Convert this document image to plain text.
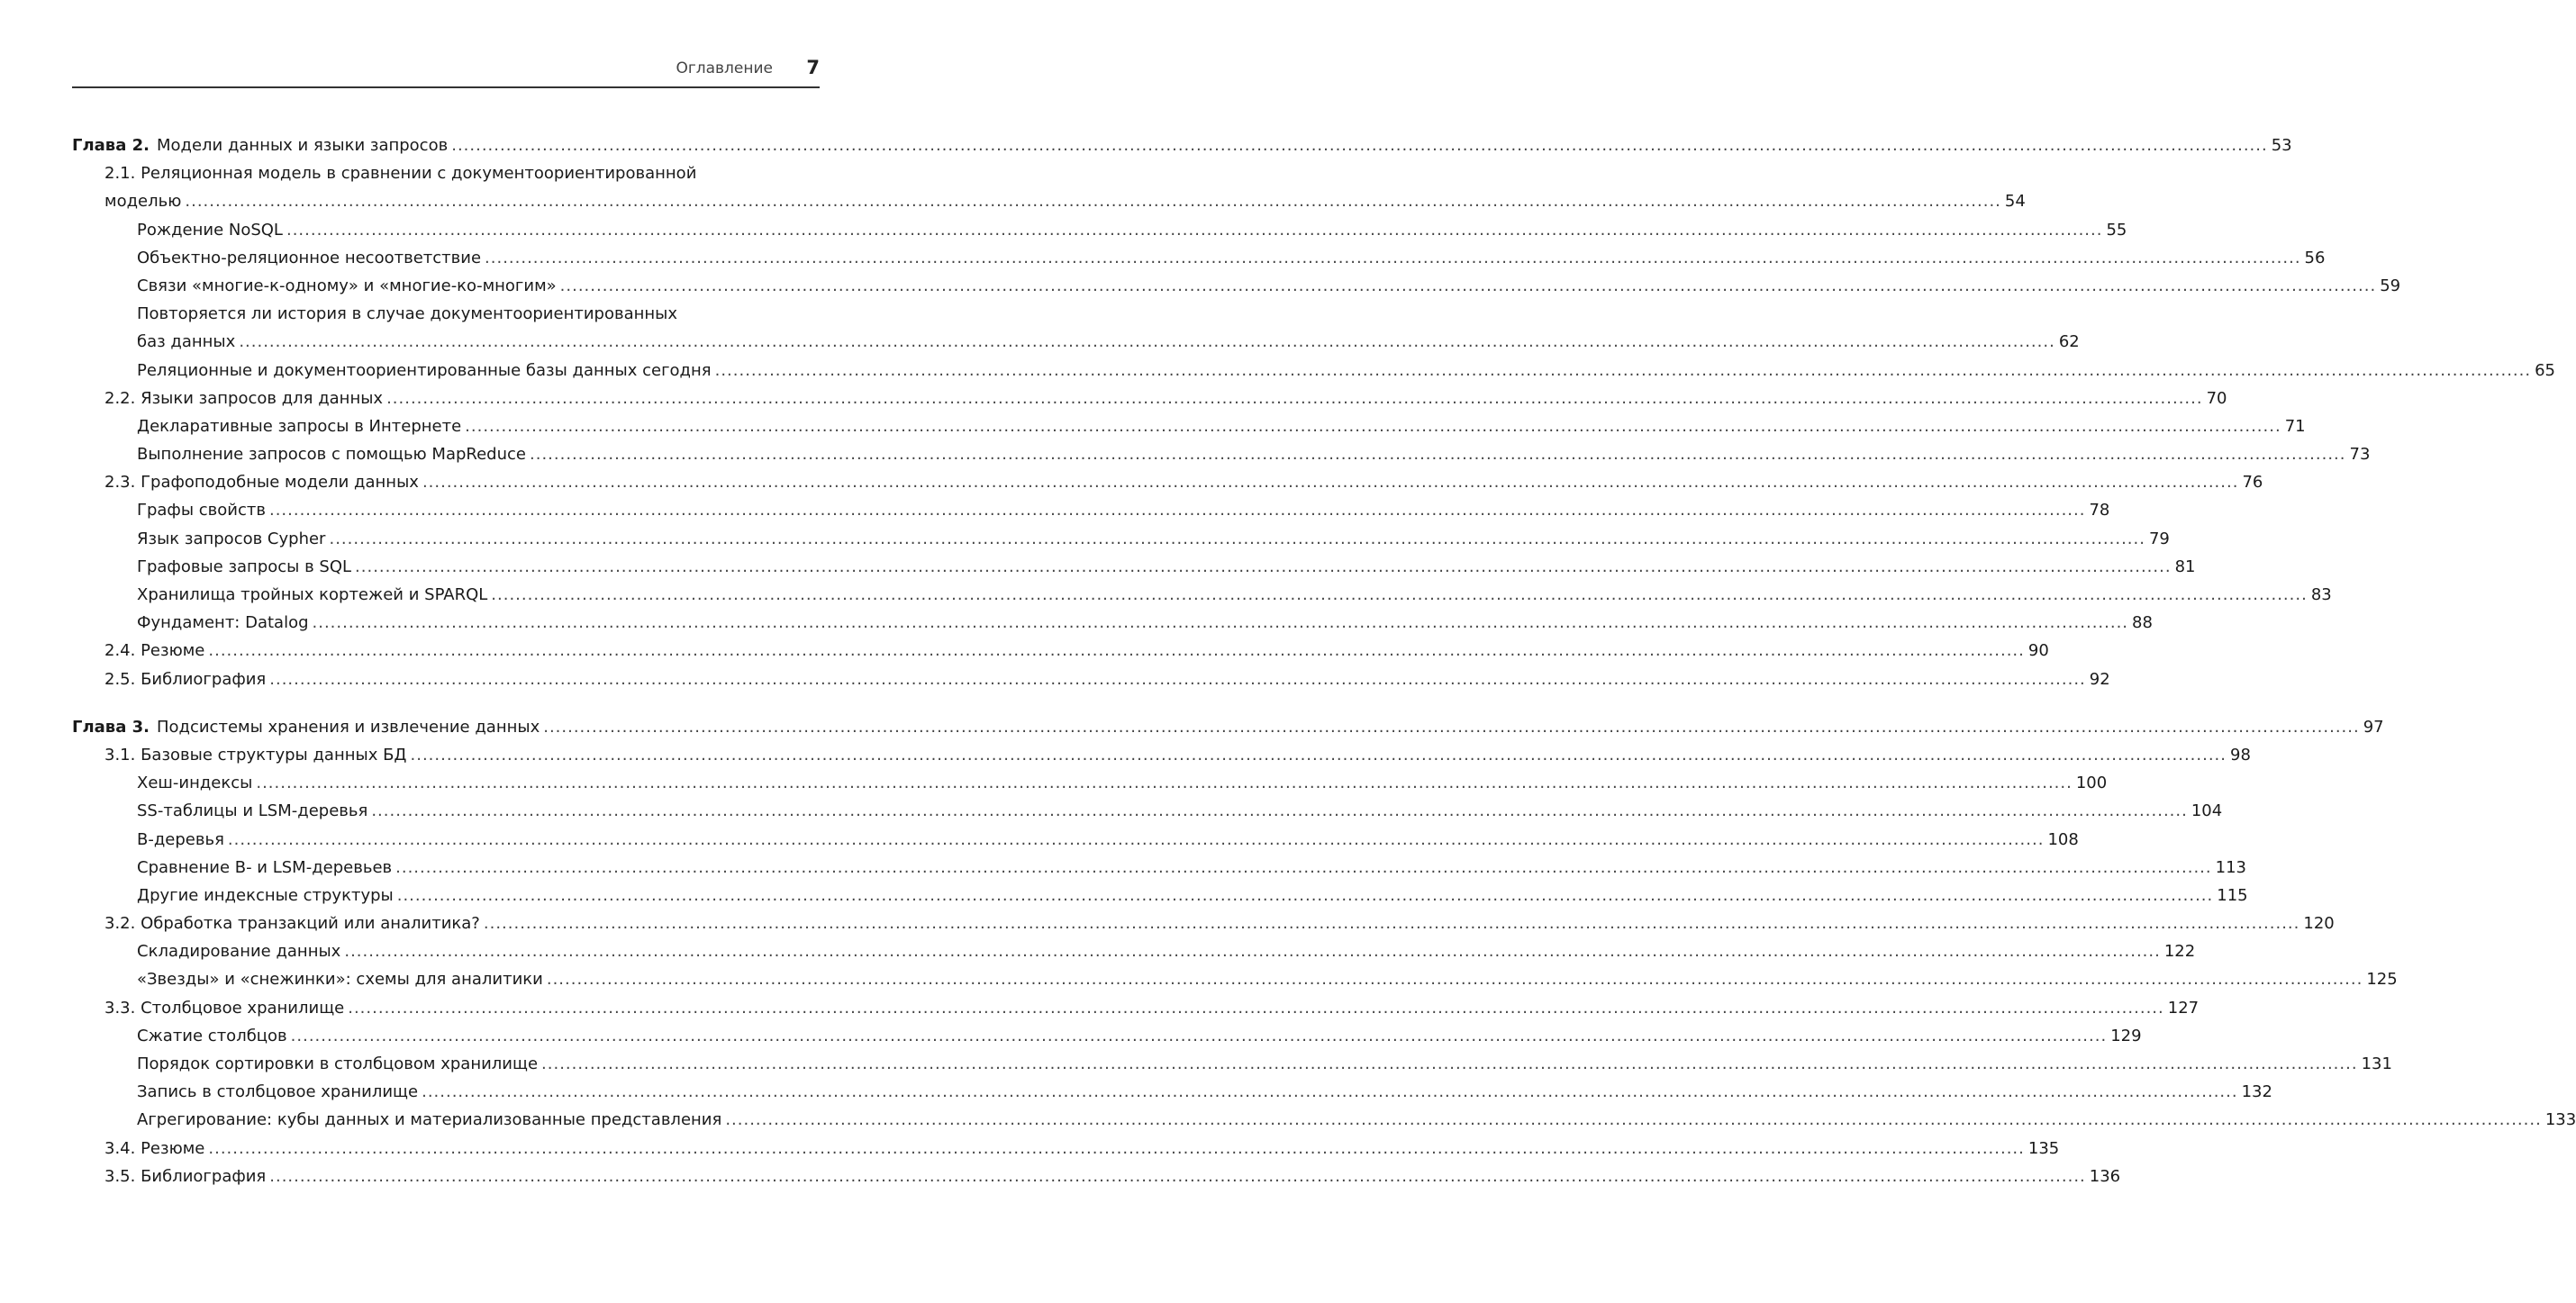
Оглавление 7
Глава 2. Модели данных и языки запросов ............................................................................................................................................................................................................................................................................................................ 53
2.1. Реляционная модель в сравнении с документоориентированной
моделью ............................................................................................................................................................................................................................................................................................................ 54
Рождение NoSQL ............................................................................................................................................................................................................................................................................................................ 55
Объектно-реляционное несоответствие ............................................................................................................................................................................................................................................................................................................ 56
Связи «многие-к-одному» и «многие-ко-многим» ............................................................................................................................................................................................................................................................................................................ 59
Повторяется ли история в случае документоориентированных
баз данных ............................................................................................................................................................................................................................................................................................................ 62
Реляционные и документоориентированные базы данных сегодня ............................................................................................................................................................................................................................................................................................................ 65
2.2. Языки запросов для данных ............................................................................................................................................................................................................................................................................................................ 70
Декларативные запросы в Интернете ............................................................................................................................................................................................................................................................................................................ 71
Выполнение запросов с помощью MapReduce ............................................................................................................................................................................................................................................................................................................ 73
2.3. Графоподобные модели данных ............................................................................................................................................................................................................................................................................................................ 76
Графы свойств ............................................................................................................................................................................................................................................................................................................ 78
Язык запросов Cypher ............................................................................................................................................................................................................................................................................................................ 79
Графовые запросы в SQL ............................................................................................................................................................................................................................................................................................................ 81
Хранилища тройных кортежей и SPARQL ............................................................................................................................................................................................................................................................................................................ 83
Фундамент: Datalog ............................................................................................................................................................................................................................................................................................................ 88
2.4. Резюме ............................................................................................................................................................................................................................................................................................................ 90
2.5. Библиография ............................................................................................................................................................................................................................................................................................................ 92
Глава 3. Подсистемы хранения и извлечение данных ............................................................................................................................................................................................................................................................................................................ 97
3.1. Базовые структуры данных БД ............................................................................................................................................................................................................................................................................................................ 98
Хеш-индексы ............................................................................................................................................................................................................................................................................................................ 100
SS-таблицы и LSM-деревья ............................................................................................................................................................................................................................................................................................................ 104
B-деревья ............................................................................................................................................................................................................................................................................................................ 108
Сравнение B- и LSM-деревьев ............................................................................................................................................................................................................................................................................................................ 113
Другие индексные структуры ............................................................................................................................................................................................................................................................................................................ 115
3.2. Обработка транзакций или аналитика? ............................................................................................................................................................................................................................................................................................................ 120
Складирование данных ............................................................................................................................................................................................................................................................................................................ 122
«Звезды» и «снежинки»: схемы для аналитики ............................................................................................................................................................................................................................................................................................................ 125
3.3. Столбцовое хранилище ............................................................................................................................................................................................................................................................................................................ 127
Сжатие столбцов ............................................................................................................................................................................................................................................................................................................ 129
Порядок сортировки в столбцовом хранилище ............................................................................................................................................................................................................................................................................................................ 131
Запись в столбцовое хранилище ............................................................................................................................................................................................................................................................................................................ 132
Агрегирование: кубы данных и материализованные представления ............................................................................................................................................................................................................................................................................................................ 133
3.4. Резюме ............................................................................................................................................................................................................................................................................................................ 135
3.5. Библиография ............................................................................................................................................................................................................................................................................................................ 136
